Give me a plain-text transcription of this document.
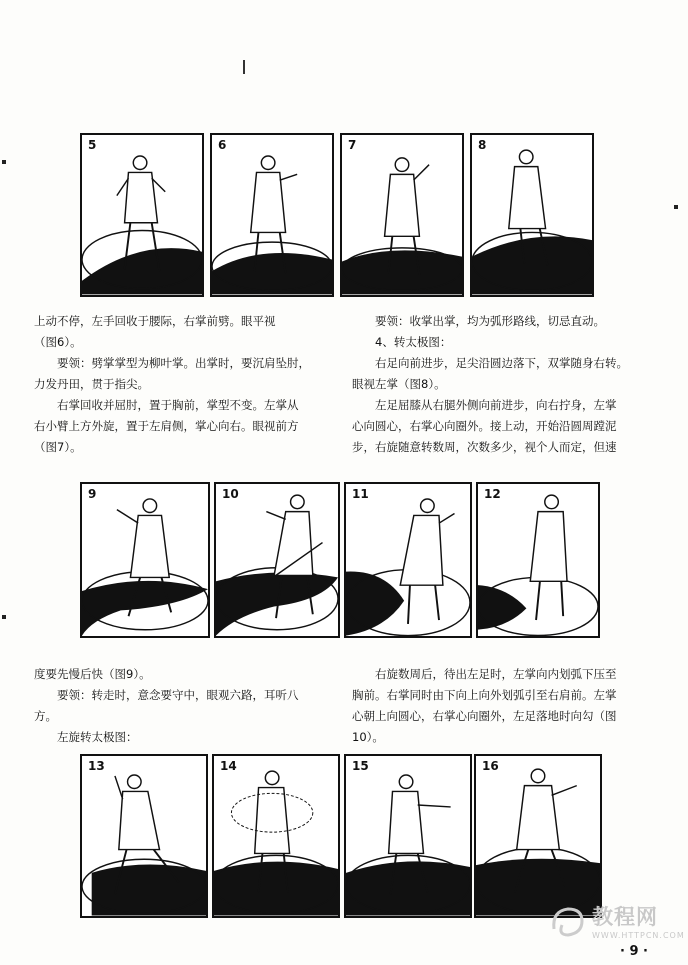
5	6	7	8

上动不停，左手回收于腰际，右掌前劈。眼平视

（图6）。

要领：劈掌掌型为柳叶掌。出掌时，要沉肩坠肘，

力发丹田，贯于指尖。

右掌回收并屈肘，置于胸前，掌型不变。左掌从

右小臂上方外旋，置于左肩侧，掌心向右。眼视前方

（图7）。

要领：收掌出掌，均为弧形路线，切忌直动。

4、转太极图：

右足向前进步，足尖沿圆边落下，双掌随身右转。

眼视左掌（图8）。

左足屈膝从右腿外侧向前进步，向右拧身，左掌

心向圆心，右掌心向圈外。接上动，开始沿圆周蹚泥

步，右旋随意转数周，次数多少，视个人而定，但速

9	10	11	12

度要先慢后快（图9）。

要领：转走时，意念要守中，眼观六路，耳听八

方。

左旋转太极图：

右旋数周后，待出左足时，左掌向内划弧下压至

胸前。右掌同时由下向上向外划弧引至右肩前。左掌

心朝上向圆心，右掌心向圈外，左足落地时向勾（图

10）。

13	14	15	16
教程网
WWW.HTTPCN.COM
· 9 ·
